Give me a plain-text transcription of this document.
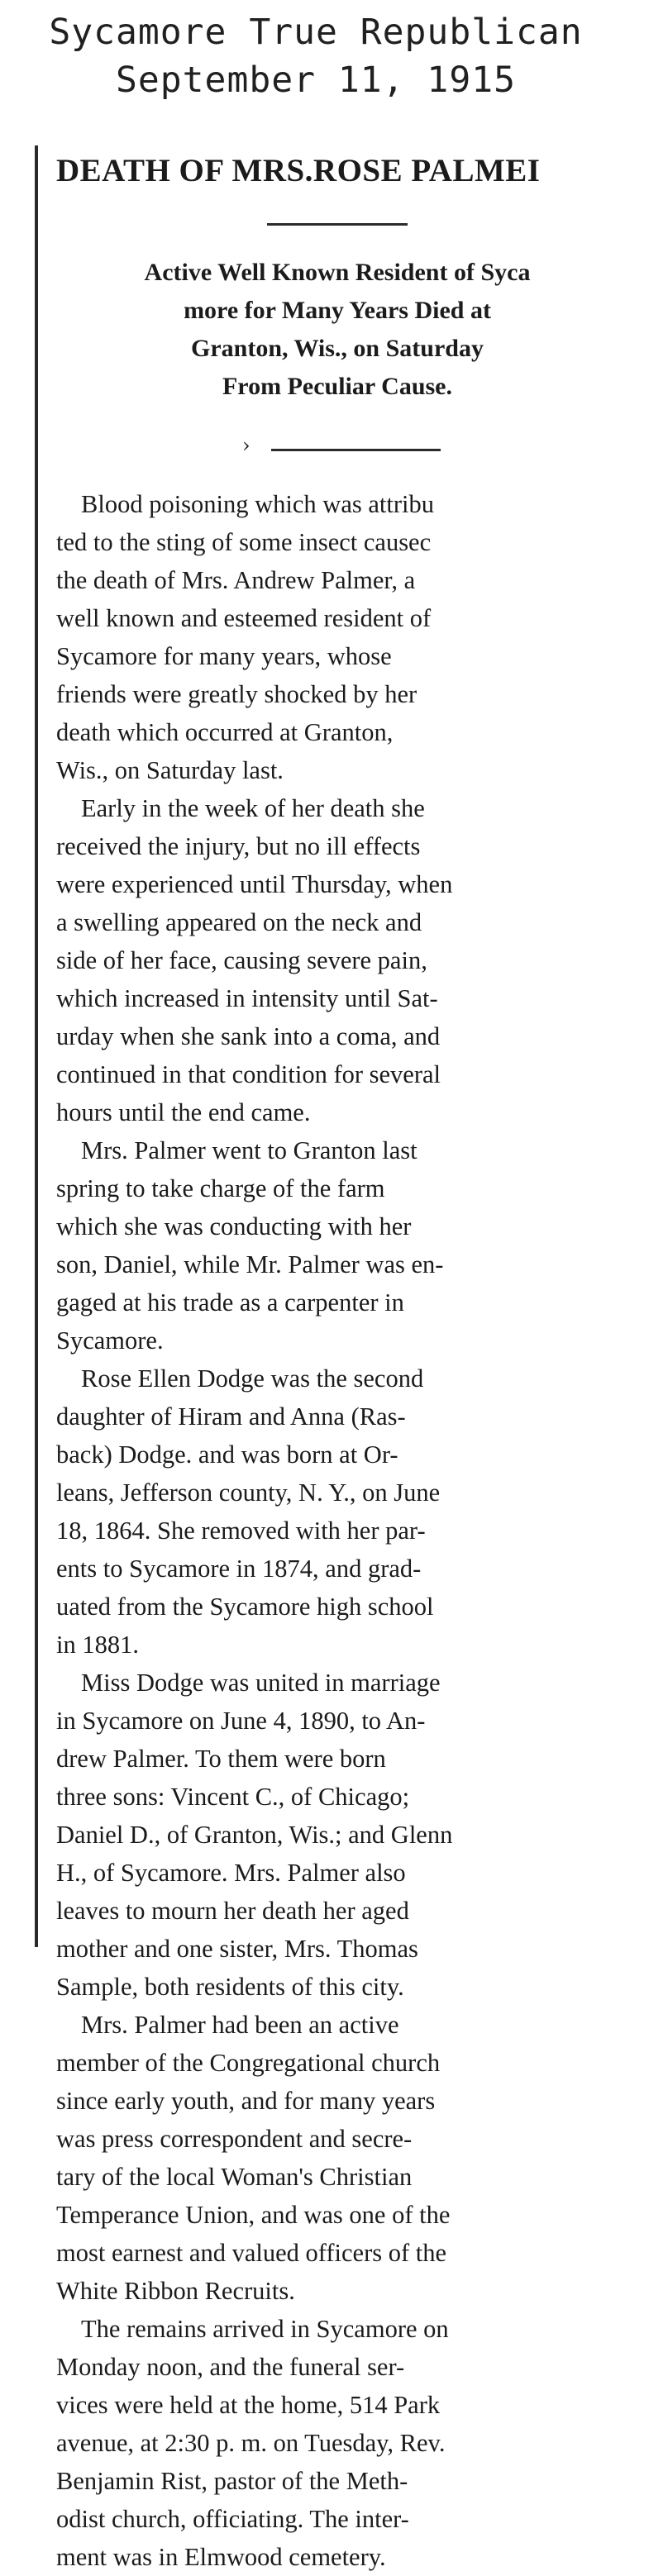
Sycamore True Republican
September 11, 1915
DEATH OF MRS.ROSE PALMEI
Active Well Known Resident of Syca
more for Many Years Died at
Granton, Wis., on Saturday
From Peculiar Cause.
›
Blood poisoning which was attribu
ted to the sting of some insect causec
the death of Mrs. Andrew Palmer, a
well known and esteemed resident of
Sycamore for many years, whose
friends were greatly shocked by her
death which occurred at Granton,
Wis., on Saturday last.
Early in the week of her death she
received the injury, but no ill effects
were experienced until Thursday, when
a swelling appeared on the neck and
side of her face, causing severe pain,
which increased in intensity until Sat-
urday when she sank into a coma, and
continued in that condition for several
hours until the end came.
Mrs. Palmer went to Granton last
spring to take charge of the farm
which she was conducting with her
son, Daniel, while Mr. Palmer was en-
gaged at his trade as a carpenter in
Sycamore.
Rose Ellen Dodge was the second
daughter of Hiram and Anna (Ras-
back) Dodge. and was born at Or-
leans, Jefferson county, N. Y., on June
18, 1864. She removed with her par-
ents to Sycamore in 1874, and grad-
uated from the Sycamore high school
in 1881.
Miss Dodge was united in marriage
in Sycamore on June 4, 1890, to An-
drew Palmer. To them were born
three sons: Vincent C., of Chicago;
Daniel D., of Granton, Wis.; and Glenn
H., of Sycamore. Mrs. Palmer also
leaves to mourn her death her aged
mother and one sister, Mrs. Thomas
Sample, both residents of this city.
Mrs. Palmer had been an active
member of the Congregational church
since early youth, and for many years
was press correspondent and secre-
tary of the local Woman's Christian
Temperance Union, and was one of the
most earnest and valued officers of the
White Ribbon Recruits.
The remains arrived in Sycamore on
Monday noon, and the funeral ser-
vices were held at the home, 514 Park
avenue, at 2:30 p. m. on Tuesday, Rev.
Benjamin Rist, pastor of the Meth-
odist church, officiating. The inter-
ment was in Elmwood cemetery.
